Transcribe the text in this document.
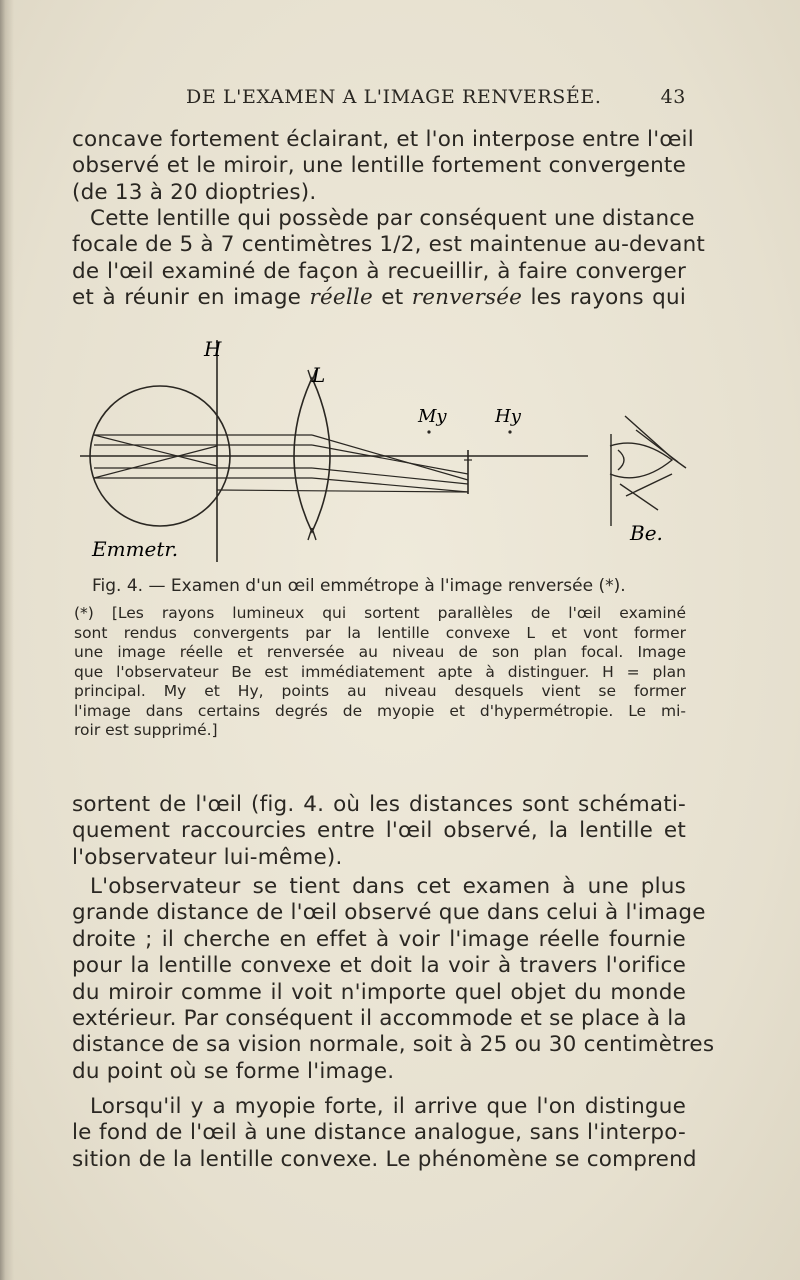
DE L'EXAMEN A L'IMAGE RENVERSÉE.	43
concave fortement éclairant, et l'on interpose entre l'œil
observé et le miroir, une lentille fortement convergente
(de 13 à 20 dioptries).
Cette lentille qui possède par conséquent une distance
focale de 5 à 7 centimètres 1/2, est maintenue au-devant
de l'œil examiné de façon à recueillir, à faire converger
et à réunir en image réelle et renversée les rayons qui
H
L
My	Hy
Be.
Emmetr.
Fig. 4. — Examen d'un œil emmétrope à l'image renversée (*).
(*) [Les rayons lumineux qui sortent parallèles de l'œil examiné
sont rendus convergents par la lentille convexe L et vont former
une image réelle et renversée au niveau de son plan focal. Image
que l'observateur Be est immédiatement apte à distinguer. H = plan
principal. My et Hy, points au niveau desquels vient se former
l'image dans certains degrés de myopie et d'hypermétropie. Le mi-
roir est supprimé.]
sortent de l'œil (fig. 4. où les distances sont schémati-
quement raccourcies entre l'œil observé, la lentille et
l'observateur lui-même).
L'observateur se tient dans cet examen à une plus
grande distance de l'œil observé que dans celui à l'image
droite ; il cherche en effet à voir l'image réelle fournie
pour la lentille convexe et doit la voir à travers l'orifice
du miroir comme il voit n'importe quel objet du monde
extérieur. Par conséquent il accommode et se place à la
distance de sa vision normale, soit à 25 ou 30 centimètres
du point où se forme l'image.
Lorsqu'il y a myopie forte, il arrive que l'on distingue
le fond de l'œil à une distance analogue, sans l'interpo-
sition de la lentille convexe. Le phénomène se comprend
